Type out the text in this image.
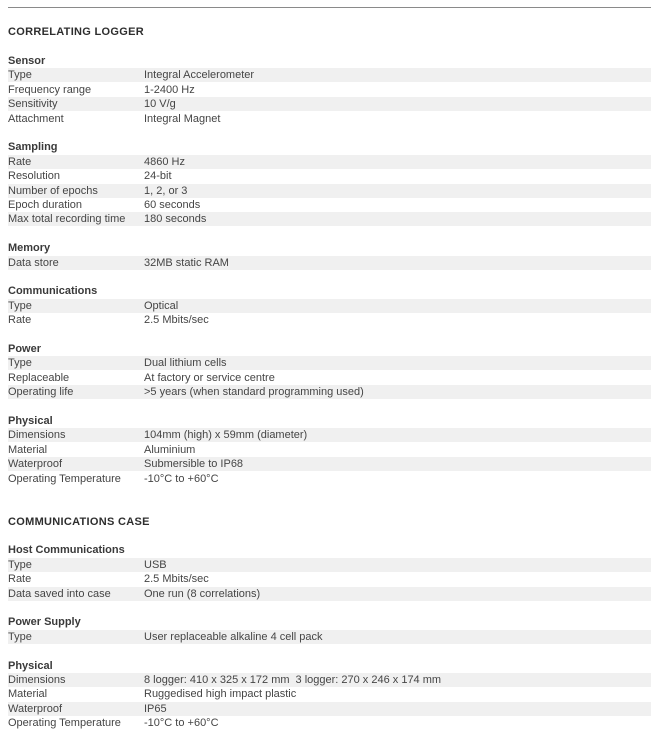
CORRELATING LOGGER
Sensor
Type	Integral Accelerometer
Frequency range	1-2400 Hz
Sensitivity	10 V/g
Attachment	Integral Magnet
Sampling
Rate	4860 Hz
Resolution	24-bit
Number of epochs	1, 2, or 3
Epoch duration	60 seconds
Max total recording time 180 seconds
Memory
Data store	32MB static RAM
Communications
Type	Optical
Rate	2.5 Mbits/sec
Power
Type	Dual lithium cells
Replaceable	At factory or service centre
Operating life	>5 years (when standard programming used)
Physical
Dimensions	104mm (high) x 59mm (diameter)
Material	Aluminium
Waterproof	Submersible to IP68
Operating Temperature -10°C to +60°C
COMMUNICATIONS CASE
Host Communications
Type	USB
Rate	2.5 Mbits/sec
Data saved into case	One run (8 correlations)
Power Supply
Type	User replaceable alkaline 4 cell pack
Physical
Dimensions	8 logger: 410 x 325 x 172 mm 3 logger: 270 x 246 x 174 mm
Material	Ruggedised high impact plastic
Waterproof	IP65
Operating Temperature -10°C to +60°C
